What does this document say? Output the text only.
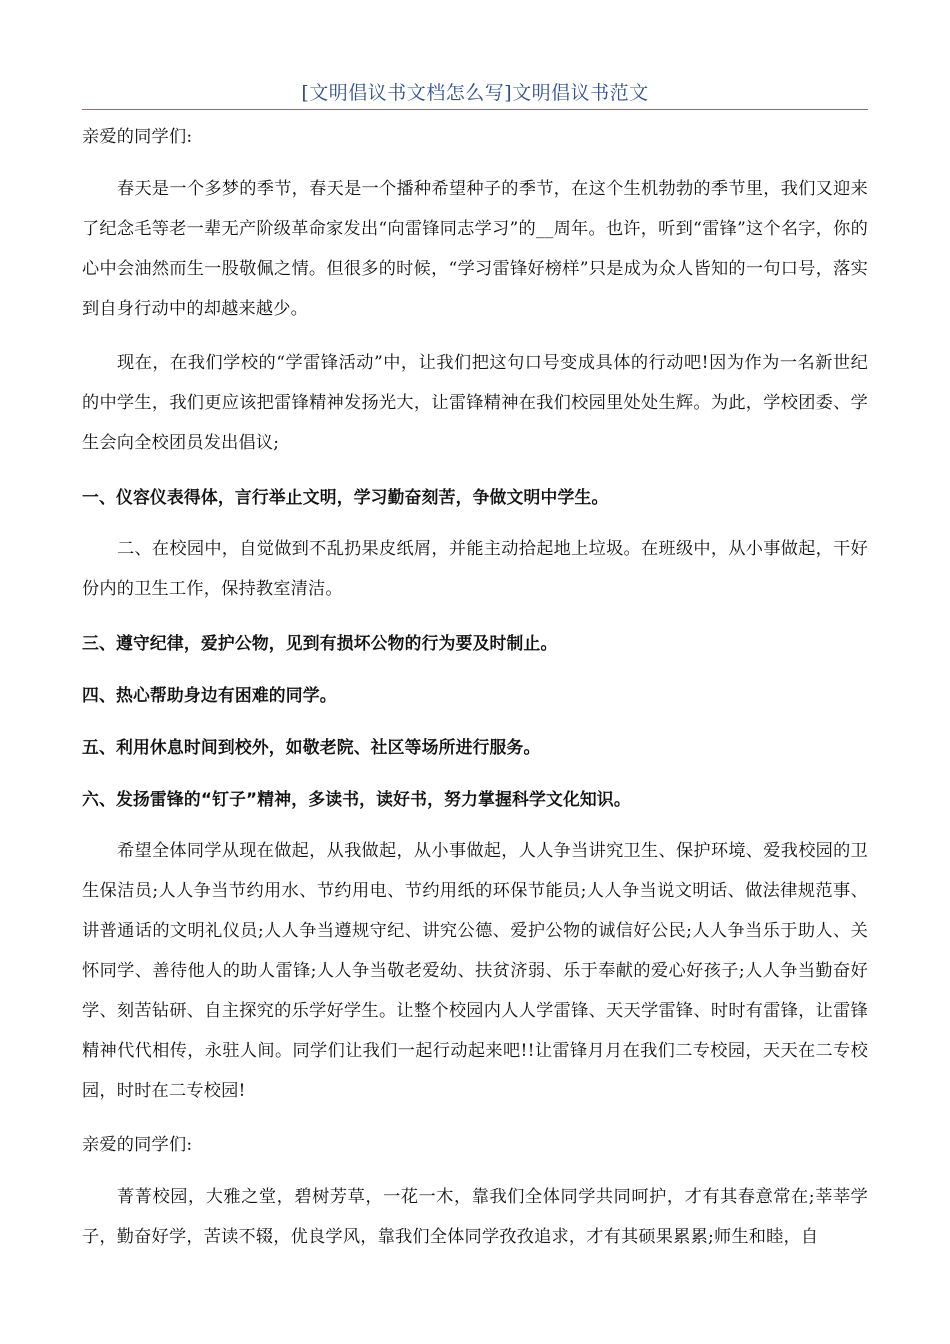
[文明倡议书文档怎么写]文明倡议书范文

亲爱的同学们:

春天是一个多梦的季节，春天是一个播种希望种子的季节，在这个生机勃勃的季节里，我们又迎来了纪念毛等老一辈无产阶级革命家发出“向雷锋同志学习”的__周年。也许，听到“雷锋”这个名字，你的心中会油然而生一股敬佩之情。但很多的时候，“学习雷锋好榜样”只是成为众人皆知的一句口号，落实到自身行动中的却越来越少。

现在，在我们学校的“学雷锋活动”中，让我们把这句口号变成具体的行动吧!因为作为一名新世纪的中学生，我们更应该把雷锋精神发扬光大，让雷锋精神在我们校园里处处生辉。为此，学校团委、学生会向全校团员发出倡议;

一、仪容仪表得体，言行举止文明，学习勤奋刻苦，争做文明中学生。

二、在校园中，自觉做到不乱扔果皮纸屑，并能主动拾起地上垃圾。在班级中，从小事做起，干好份内的卫生工作，保持教室清洁。

三、遵守纪律，爱护公物，见到有损坏公物的行为要及时制止。

四、热心帮助身边有困难的同学。

五、利用休息时间到校外，如敬老院、社区等场所进行服务。

六、发扬雷锋的“钉子”精神，多读书，读好书，努力掌握科学文化知识。

希望全体同学从现在做起，从我做起，从小事做起，人人争当讲究卫生、保护环境、爱我校园的卫生保洁员;人人争当节约用水、节约用电、节约用纸的环保节能员;人人争当说文明话、做法律规范事、讲普通话的文明礼仪员;人人争当遵规守纪、讲究公德、爱护公物的诚信好公民;人人争当乐于助人、关怀同学、善待他人的助人雷锋;人人争当敬老爱幼、扶贫济弱、乐于奉献的爱心好孩子;人人争当勤奋好学、刻苦钻研、自主探究的乐学好学生。让整个校园内人人学雷锋、天天学雷锋、时时有雷锋，让雷锋精神代代相传，永驻人间。同学们让我们一起行动起来吧!!让雷锋月月在我们二专校园，天天在二专校园，时时在二专校园!

亲爱的同学们:

菁菁校园，大雅之堂，碧树芳草，一花一木，靠我们全体同学共同呵护，才有其春意常在;莘莘学子，勤奋好学，苦读不辍，优良学风，靠我们全体同学孜孜追求，才有其硕果累累;师生和睦，自
